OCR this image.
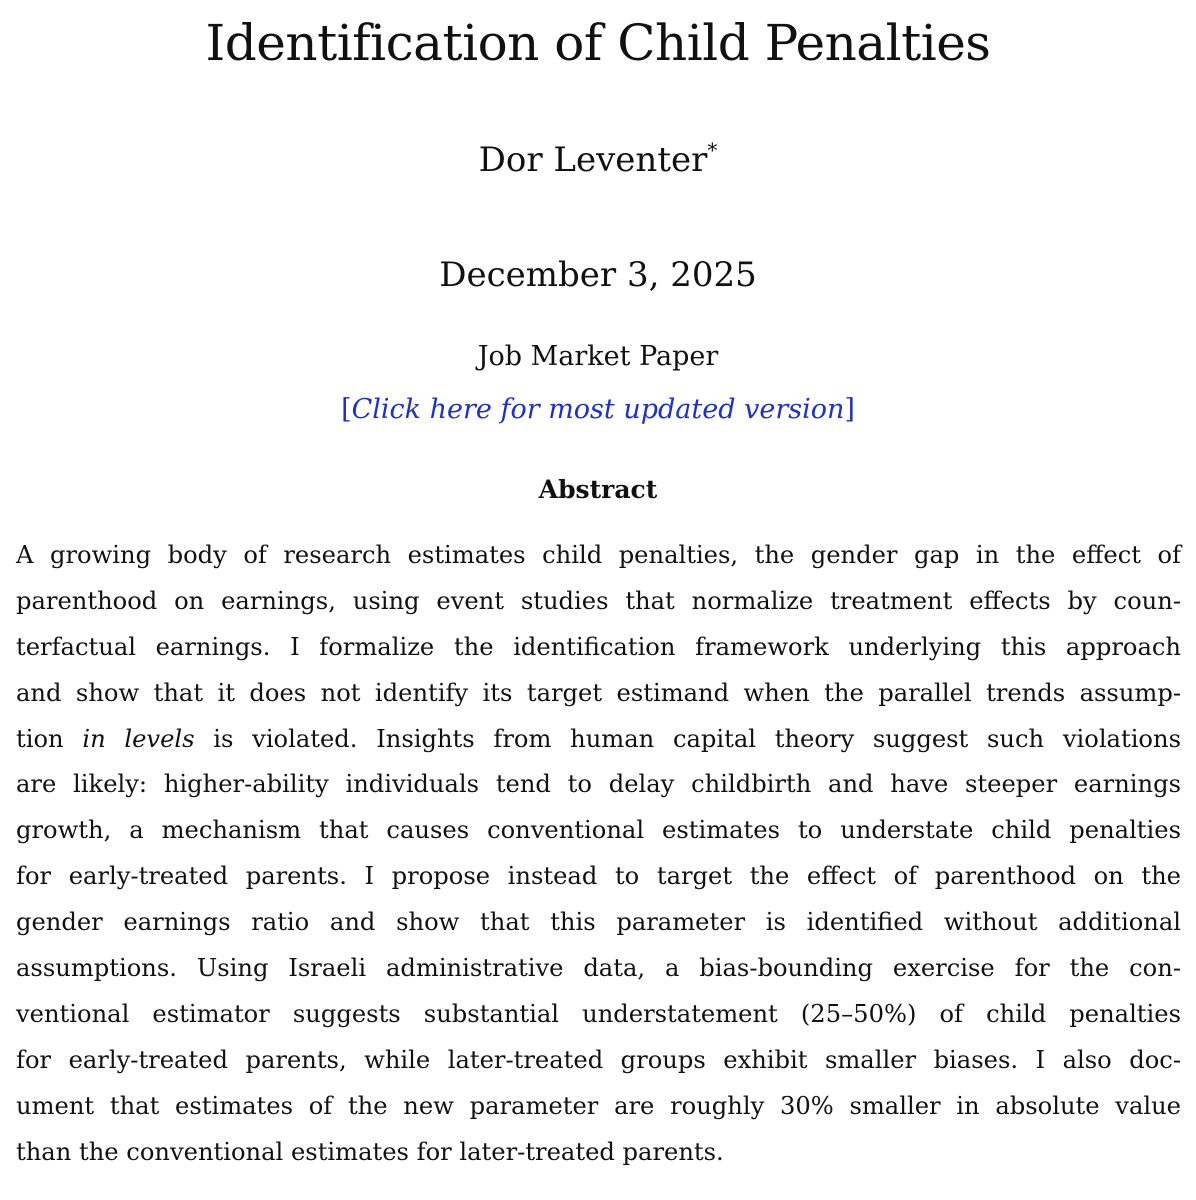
Identification of Child Penalties
Dor Leventer*
December 3, 2025
Job Market Paper
[Click here for most updated version]
Abstract
A growing body of research estimates child penalties, the gender gap in the effect of
parenthood on earnings, using event studies that normalize treatment effects by coun-
terfactual earnings. I formalize the identification framework underlying this approach
and show that it does not identify its target estimand when the parallel trends assump-
tion in levels is violated. Insights from human capital theory suggest such violations
are likely: higher-ability individuals tend to delay childbirth and have steeper earnings
growth, a mechanism that causes conventional estimates to understate child penalties
for early-treated parents. I propose instead to target the effect of parenthood on the
gender earnings ratio and show that this parameter is identified without additional
assumptions. Using Israeli administrative data, a bias-bounding exercise for the con-
ventional estimator suggests substantial understatement (25–50%) of child penalties
for early-treated parents, while later-treated groups exhibit smaller biases. I also doc-
ument that estimates of the new parameter are roughly 30% smaller in absolute value
than the conventional estimates for later-treated parents.
